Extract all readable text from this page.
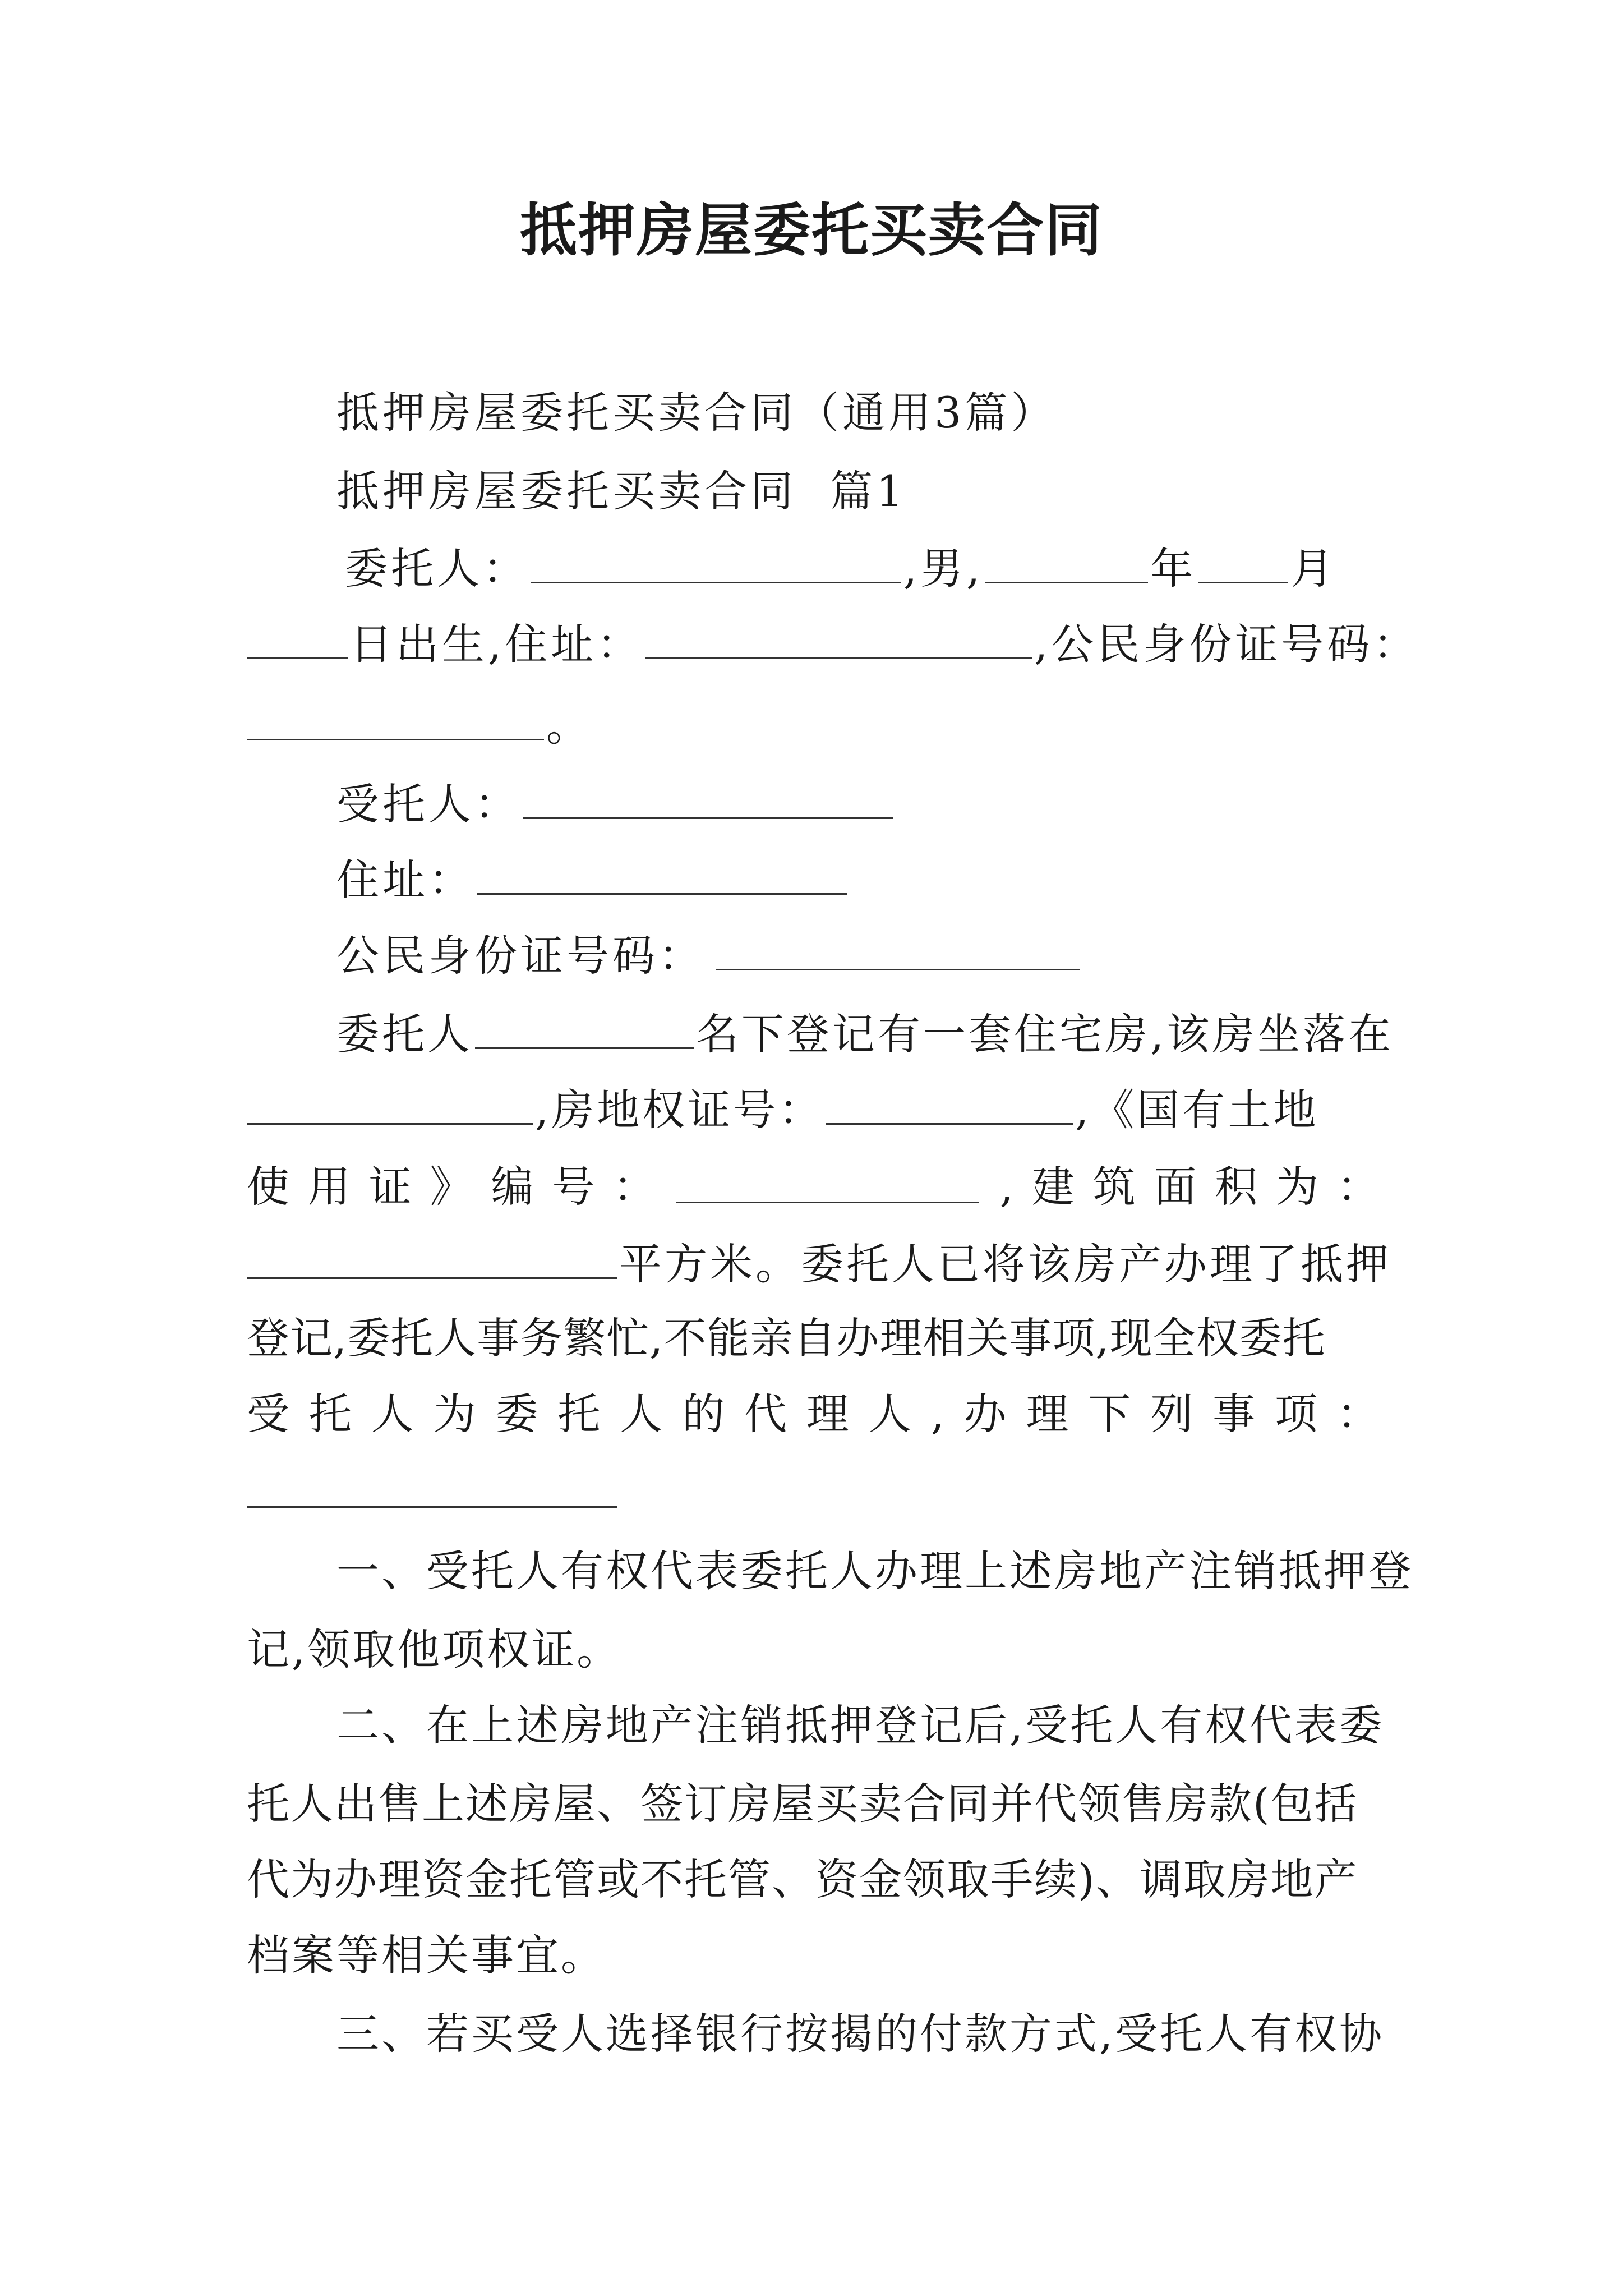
抵押房屋委托买卖合同
抵押房屋委托买卖合同（通用3篇）
抵押房屋委托买卖合同  篇1
委托人：	,男,	年 月
日出生,住址：	,公民身份证号码：
。
受托人：
住址：
公民身份证号码：
委托人	名下登记有一套住宅房,该房坐落在
,房地权证号：	,《国有土地
使 用 证 》 编 号 ：	, 建 筑 面 积 为 ：
平方米。委托人已将该房产办理了抵押
登记,委托人事务繁忙,不能亲自办理相关事项,现全权委托
受 托 人 为 委 托 人 的 代 理 人 , 办 理 下 列 事 项 ：
一、受托人有权代表委托人办理上述房地产注销抵押登
记,领取他项权证。
二、在上述房地产注销抵押登记后,受托人有权代表委
托人出售上述房屋、签订房屋买卖合同并代领售房款(包括
代为办理资金托管或不托管、资金领取手续)、调取房地产
档案等相关事宜。
三、若买受人选择银行按揭的付款方式,受托人有权协
